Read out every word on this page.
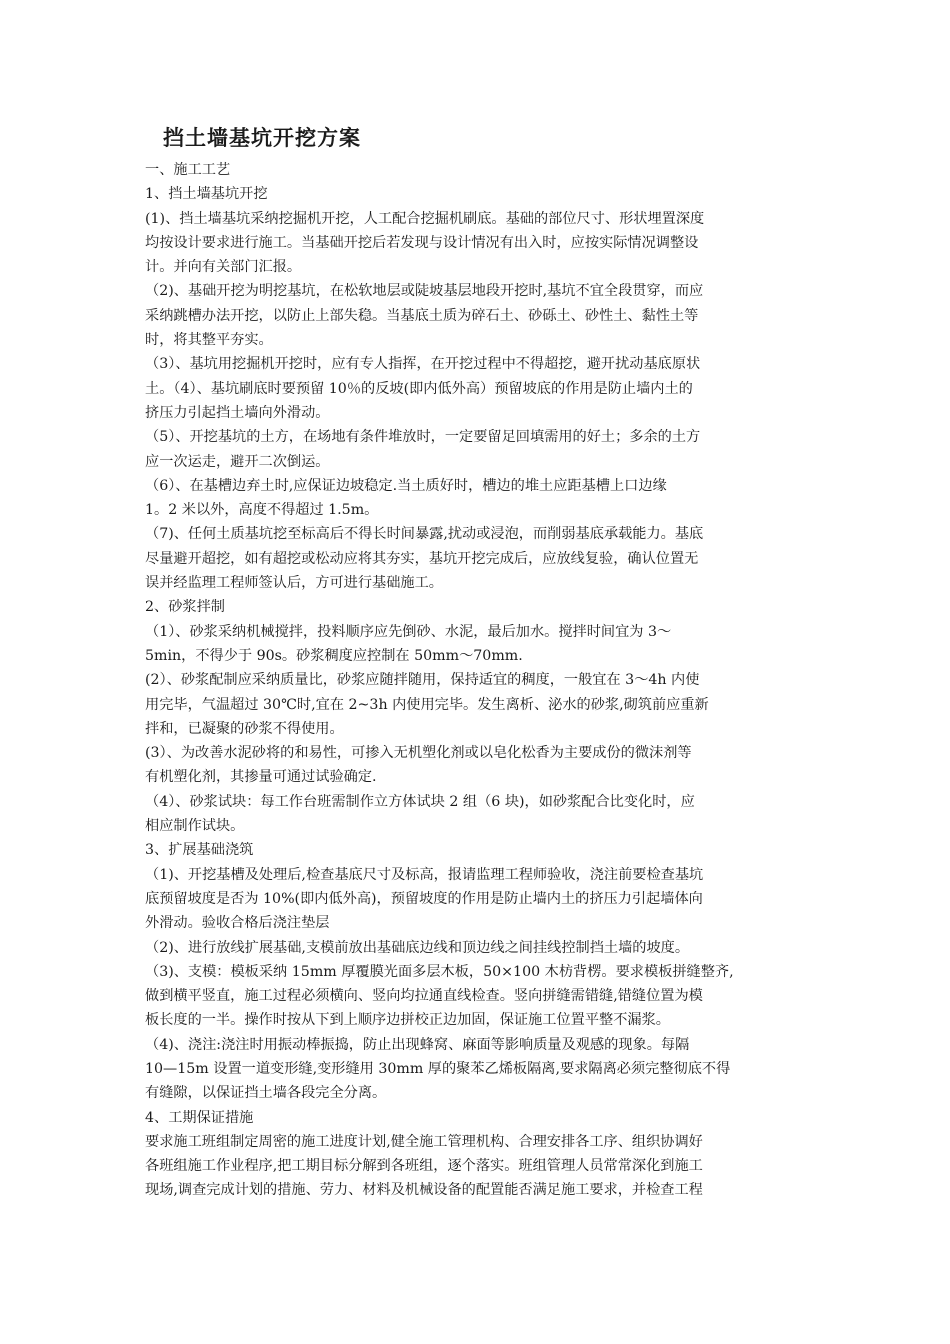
挡土墙基坑开挖方案

一、施工工艺

1、挡土墙基坑开挖

(1)、挡土墙基坑采纳挖掘机开挖，人工配合挖掘机刷底。基础的部位尺寸、形状埋置深度

均按设计要求进行施工。当基础开挖后若发现与设计情况有出入时，应按实际情况调整设

计。并向有关部门汇报。

（2)、基础开挖为明挖基坑，在松软地层或陡坡基层地段开挖时,基坑不宜全段贯穿，而应

采纳跳槽办法开挖，以防止上部失稳。当基底土质为碎石土、砂砾土、砂性土、黏性土等

时，将其整平夯实。

（3）、基坑用挖掘机开挖时，应有专人指挥，在开挖过程中不得超挖，避开扰动基底原状

土。（4）、基坑刷底时要预留 10％的反坡(即内低外高）预留坡底的作用是防止墙内土的

挤压力引起挡土墙向外滑动。

（5）、开挖基坑的土方，在场地有条件堆放时，一定要留足回填需用的好土；多余的土方

应一次运走，避开二次倒运。

（6）、在基槽边弃土时,应保证边坡稳定.当土质好时，槽边的堆土应距基槽上口边缘

1。2 米以外，高度不得超过 1.5m。

（7)、任何土质基坑挖至标高后不得长时间暴露,扰动或浸泡，而削弱基底承载能力。基底

尽量避开超挖，如有超挖或松动应将其夯实，基坑开挖完成后，应放线复验，确认位置无

误并经监理工程师签认后，方可进行基础施工。

2、砂浆拌制

（1）、砂浆采纳机械搅拌，投料顺序应先倒砂、水泥，最后加水。搅拌时间宜为 3～

5min，不得少于 90s。砂浆稠度应控制在 50mm～70mm.

(2）、砂浆配制应采纳质量比，砂浆应随拌随用，保持适宜的稠度，一般宜在 3～4h 内使

用完毕，气温超过 30℃时,宜在 2~3h 内使用完毕。发生离析、泌水的砂浆,砌筑前应重新

拌和，已凝聚的砂浆不得使用。

(3）、为改善水泥砂将的和易性，可掺入无机塑化剂或以皂化松香为主要成份的微沫剂等

有机塑化剂，其掺量可通过试验确定.

（4）、砂浆试块：每工作台班需制作立方体试块 2 组（6 块)，如砂浆配合比变化时，应

相应制作试块。

3、扩展基础浇筑

（1)、开挖基槽及处理后,检查基底尺寸及标高，报请监理工程师验收，浇注前要检查基坑

底预留坡度是否为 10%(即内低外高)，预留坡度的作用是防止墙内土的挤压力引起墙体向

外滑动。验收合格后浇注垫层

（2)、进行放线扩展基础,支模前放出基础底边线和顶边线之间挂线控制挡土墙的坡度。

（3)、支模：模板采纳 15mm 厚覆膜光面多层木板，50×100 木枋背楞。要求模板拼缝整齐,

做到横平竖直，施工过程必须横向、竖向均拉通直线检查。竖向拼缝需错缝,错缝位置为模

板长度的一半。操作时按从下到上顺序边拼校正边加固，保证施工位置平整不漏浆。

（4)、浇注:浇注时用振动棒振捣，防止出现蜂窝、麻面等影响质量及观感的现象。每隔

10—15m 设置一道变形缝,变形缝用 30mm 厚的聚苯乙烯板隔离,要求隔离必须完整彻底不得

有缝隙，以保证挡土墙各段完全分离。

4、工期保证措施

要求施工班组制定周密的施工进度计划,健全施工管理机构、合理安排各工序、组织协调好

各班组施工作业程序,把工期目标分解到各班组，逐个落实。班组管理人员常常深化到施工

现场,调查完成计划的措施、劳力、材料及机械设备的配置能否满足施工要求，并检查工程
